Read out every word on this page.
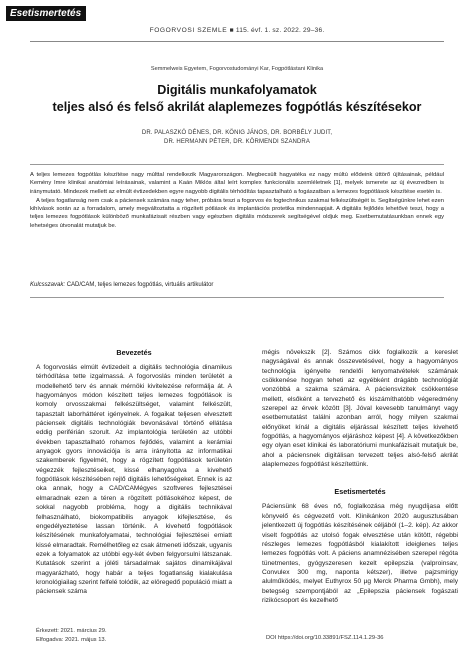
Esetismertetés
FOGORVOSI SZEMLE ■ 115. évf. 1. sz. 2022. 29–36.
Semmelweis Egyetem, Fogorvostudományi Kar, Fogpótlástani Klinika
Digitális munkafolyamatok
teljes alsó és felső akrilát alaplemezes fogpótlás készítésekor
DR. PALASZKÓ DÉNES, DR. KÖNIG JÁNOS, DR. BORBÉLY JUDIT,
DR. HERMANN PÉTER, DR. KÖRMENDI SZANDRA

A teljes lemezes fogpótlás készítése nagy múlttal rendelkezik Magyarországon. Megbecsült hagyatéka ez nagy múltú elődeink úttörő újításainak, például Kemény Imre klinikai anatómiai leírásainak, valamint a Kaán Miklós által leírt komplex funkcionális szemléletnek [1], melyek ismerete az új évezredben is iránymutató. Mindezek mellett az elmúlt évtizedekben egyre nagyobb digitális térhódítás tapasztalható a fogászatban a lemezes fogpótlások készítése esetén is.

A teljes fogatlanság nem csak a páciensek számára nagy teher, próbára teszi a fogorvos és fogtechnikus szakmai felkészültségét is. Segítségünkre lehet ezen kihívások során az a forradalom, amely megváltoztatta a rögzített pótlások és implantációs protetika mindennapjait. A digitális fejlődés lehetővé teszi, hogy a teljes lemezes fogpótlások különböző munkafázisait részben vagy egészben digitális módszerek segítségével oldjuk meg. Esetbemutatásunkban ennek egy lehetséges útvonalát mutatjuk be.

Kulcsszavak: CAD/CAM, teljes lemezes fogpótlás, virtuális artikulátor
Bevezetés

A fogorvoslás elmúlt évtizedeit a digitális technológia dinamikus térhódítása tette izgalmassá. A fogorvoslás minden területét a modellehető terv és annak mérnöki kivitelezése reformálja át. A hagyományos módon készített teljes lemezes fogpótlások is komoly orvosszakmai felkészültséget, valamint felkészült, tapasztalt laborháttéret igényelnek. A fogaikat teljesen elvesztett páciensek digitális technológiák bevonásával történő ellátása eddig periférián szorult. Az implantológia területén az utóbbi években tapasztalható rohamos fejlődés, valamint a kerámiai anyagok gyors innovációja is arra irányította az informatikai szakemberek figyelmét, hogy a rögzített fogpótlások területén végezzék fejlesztéseiket, kissé elhanyagolva a kivehető fogpótlások készítésében rejlő digitális lehetőségeket. Ennek is az oka annak, hogy a CAD/CAMégyes szoftveres fejlesztései elmaradnak ezen a téren a rögzített pótlásokéhoz képest, de sokkal nagyobb probléma, hogy a digitális technikával felhasználható, biokompatibilis anyagok kifejlesztése, és engedélyeztetése lassan történik. A kivehető fogpótlások készítésének munkafolyamatai, technológiai fejlesztései emiatt kissé elmaradtak. Remélhetőleg ez csak átmeneti időszak, ugyanis ezek a folyamatok az utóbbi egy-két évben felgyorsulni látszanak. Kutatások szerint a jóléti társadalmak sajátos dinamikájával magyarázható, hogy habár a teljes fogatlanság kialakulása kronológiailag szerint felfelé tolódik, az elöregedő populáció miatt a páciensek száma

mégis növekszik [2]. Számos cikk foglalkozik a kereslet nagyságával és annak összevetésével, hogy a hagyományos technológia igényelte rendelői lenyomatvételek számának csökkenése hogyan teheti az egyébként drágább technológiát vonzóbbá a szakma számára. A páciensvizitek csökkentése mellett, elsőként a tervezhető és kiszámíthatóbb végeredmény szerepel az érvek között [3]. Jóval kevesebb tanulmányt vagy esetbemutatást találni azonban arról, hogy milyen szakmai előnyöket kínál a digitális eljárással készített teljes kivehető fogpótlás, a hagyományos eljáráshoz képest [4]. A következőkben egy olyan eset klinikai és laboratóriumi munkafázisait mutatjuk be, ahol a páciensnek digitálisan tervezett teljes alsó-felső akrilát alaplemezes fogpótlást készítettünk.

Esetismertetés

Páciensünk 68 éves nő, foglalkozása még nyugdíjasa előtt könyvelő és cégvezető volt. Klinikánkon 2020 augusztusában jelentkezett új fogpótlás készítésének céljából (1–2. kép). Az akkor viselt fogpótlás az utolsó fogak elvesztése után kötött, régebbi részleges lemezes fogpótlásból kialakított ideiglenes teljes lemezes fogpótlás volt. A páciens anamnézisében szerepel régóta tünetmentes, gyógyszeresen kezelt epilepszia (valproinsav, Convulex 300 mg, naponta kétszer), illetve pajzsmirigy alulműködés, melyet Euthyrox 50 µg Merck Pharma Gmbh), mely betegség szempontjából az „Epilepszia páciensek fogászati rizikócsoport és kezelhető

Érkezett: 2021. március 29.
Elfogadva: 2021. május 13.	DOI https://doi.org/10.33891/FSZ.114.1.29-36
